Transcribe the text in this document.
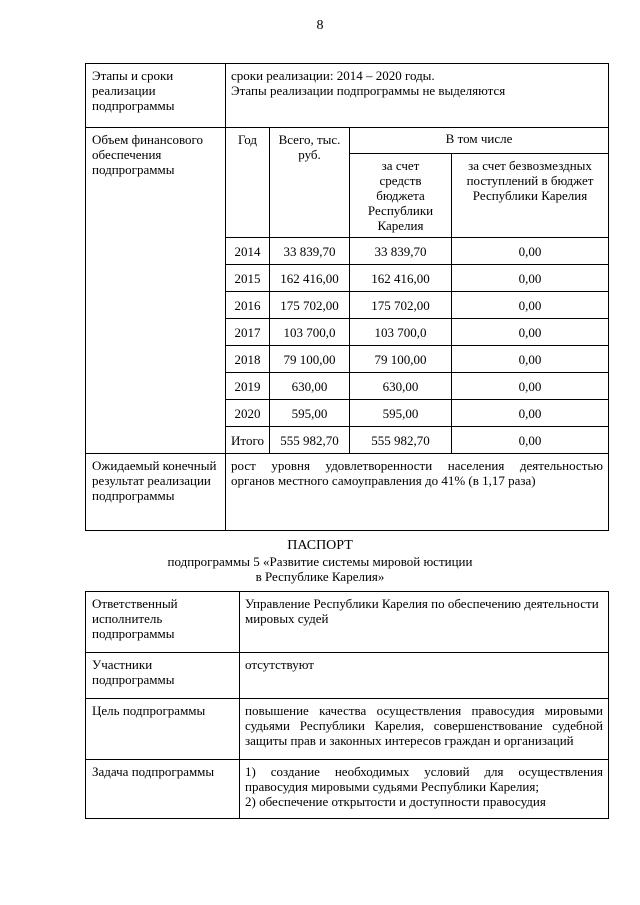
8
Этапы и сроки реализации подпрограммы	сроки реализации: 2014 – 2020 годы.
Этапы реализации подпрограммы не выделяются			

Объем финансового обеспечения подпрограммы	Год	Всего, тыс. руб.	В том числе	
			за счет средств бюджета Республики Карелия	за счет безвозмездных поступлений в бюджет Республики Карелия
	2014	33 839,70	33 839,70	0,00
	2015	162 416,00	162 416,00	0,00
	2016	175 702,00	175 702,00	0,00
	2017	103 700,0	103 700,0	0,00
	2018	79 100,00	79 100,00	0,00
	2019	630,00	630,00	0,00
	2020	595,00	595,00	0,00
	Итого	555 982,70	555 982,70	0,00
Ожидаемый конечный результат реализации подпрограммы	рост уровня удовлетворенности населения деятельностью
органов местного самоуправления до 41% (в 1,17 раза)			
ПАСПОРТ
подпрограммы 5 «Развитие системы мировой юстиции
в Республике Карелия»
Ответственный исполнитель подпрограммы	Управление Республики Карелия по обеспечению деятельности мировых судей
Участники подпрограммы	отсутствуют
Цель подпрограммы	повышение качества осуществления правосудия мировыми судьями Республики Карелия, совершенствование судебной защиты прав и законных интересов граждан и организаций
Задача подпрограммы	1) создание необходимых условий для осуществления правосудия мировыми судьями Республики Карелия;
2) обеспечение открытости и доступности правосудия
